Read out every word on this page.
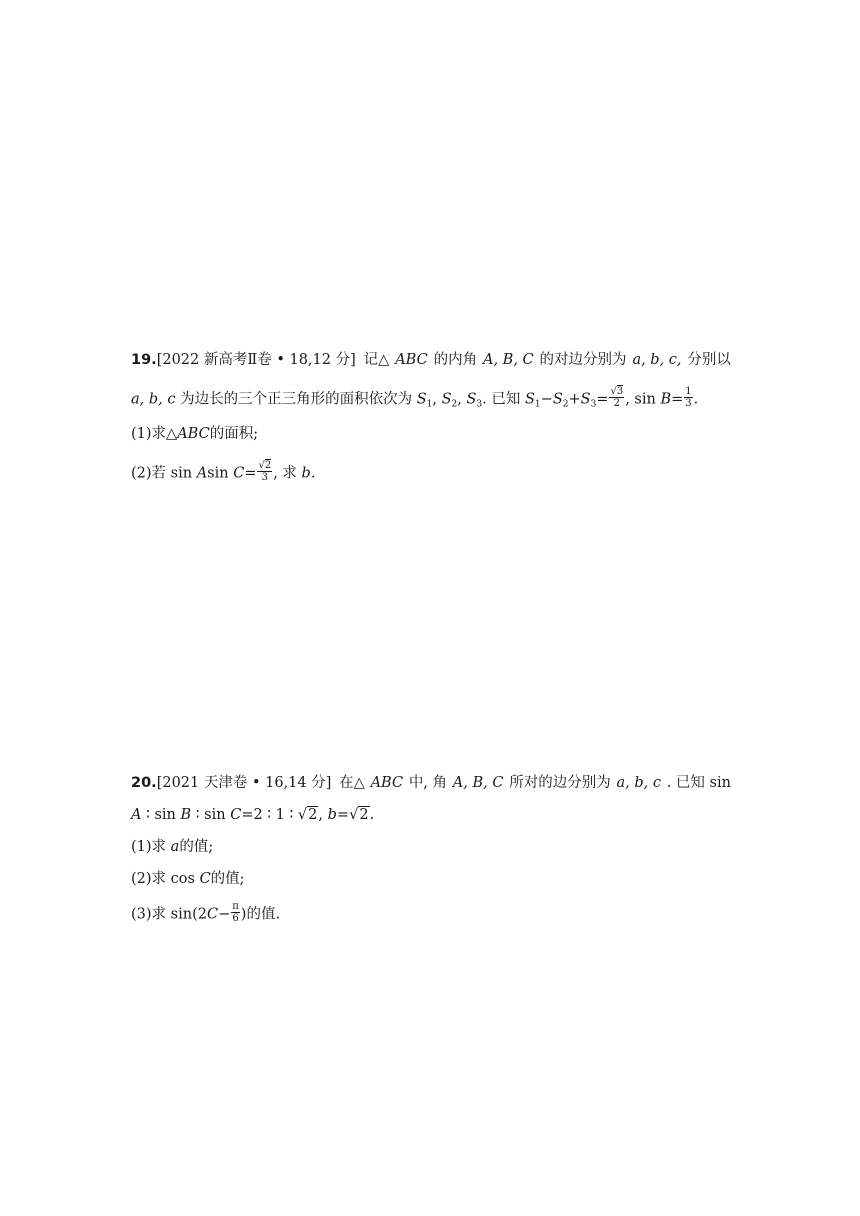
19.[2022 新高考Ⅱ卷 • 18,12 分] 记△ ABC 的内角 A, B, C 的对边分别为 a, b, c, 分别以
a, b, c 为边长的三个正三角形的面积依次为 $S_1$, $S_2$, $S_3$. 已知 $S_1-S_2+S_3= \frac{√3}{2}$ , $\sin B= \frac{1}{3}$ .
(1)求△ABC的面积;
(2)若 sin Asin $C= \frac{√2}{3}$ , 求 b.
20.[2021 天津卷 • 16,14 分] 在△ ABC 中, 角 A, B, C 所对的边分别为 a, b, c . 已知 sin
A ∶ sin B ∶ sin C=2 ∶ 1 ∶ √2, b=√2.
(1)求 a的值;
(2)求 cos C的值;
(3)求 $\sin(2C- \frac{\pi}{6}$ )的值.
